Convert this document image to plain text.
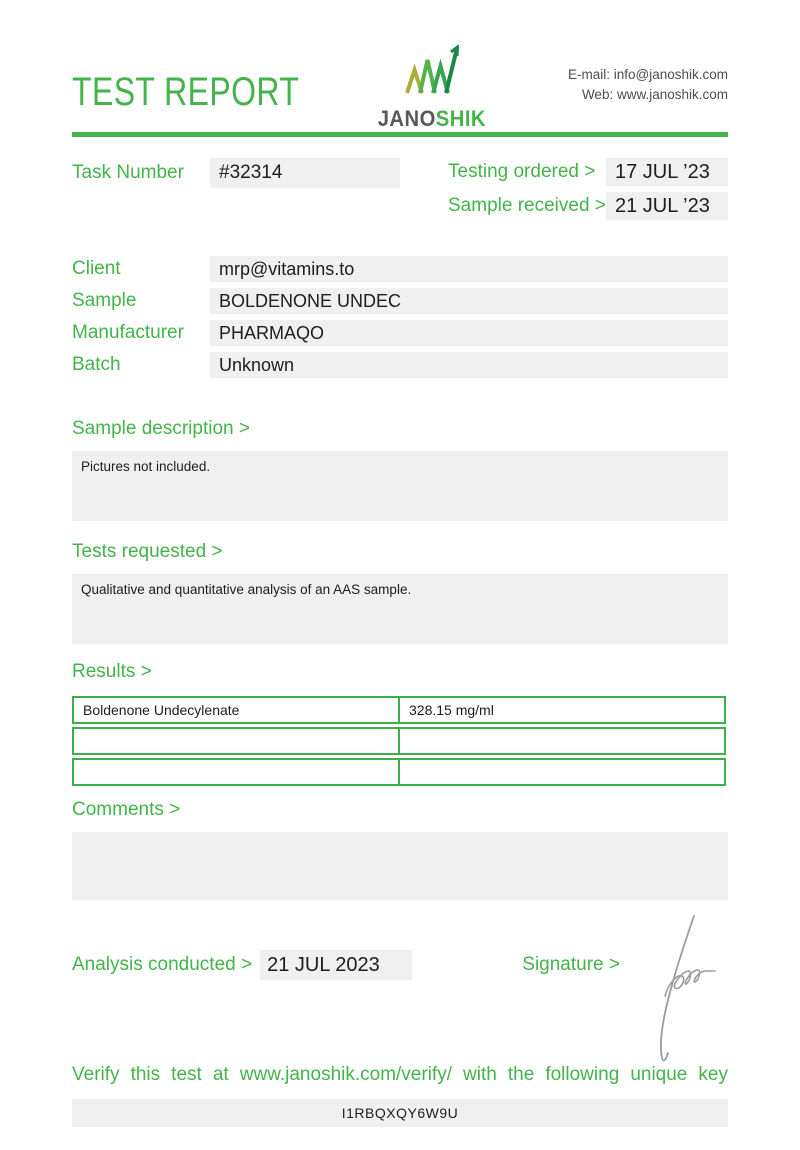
TEST REPORT
JANOSHIK
E-mail: info@janoshik.com
Web: www.janoshik.com
Task Number	#32314	Testing ordered > 17 JUL ’23
Sample received > 21 JUL ’23
Client	mrp@vitamins.to
Sample	BOLDENONE UNDEC
Manufacturer	PHARMAQO
Batch	Unknown
Sample description >
Pictures not included.
Tests requested >
Qualitative and quantitative analysis of an AAS sample.
Results >
Boldenone Undecylenate	328.15 mg/ml
Comments >
Analysis conducted > 21 JUL 2023	Signature >
Verify this test at www.janoshik.com/verify/ with the following unique key
I1RBQXQY6W9U
